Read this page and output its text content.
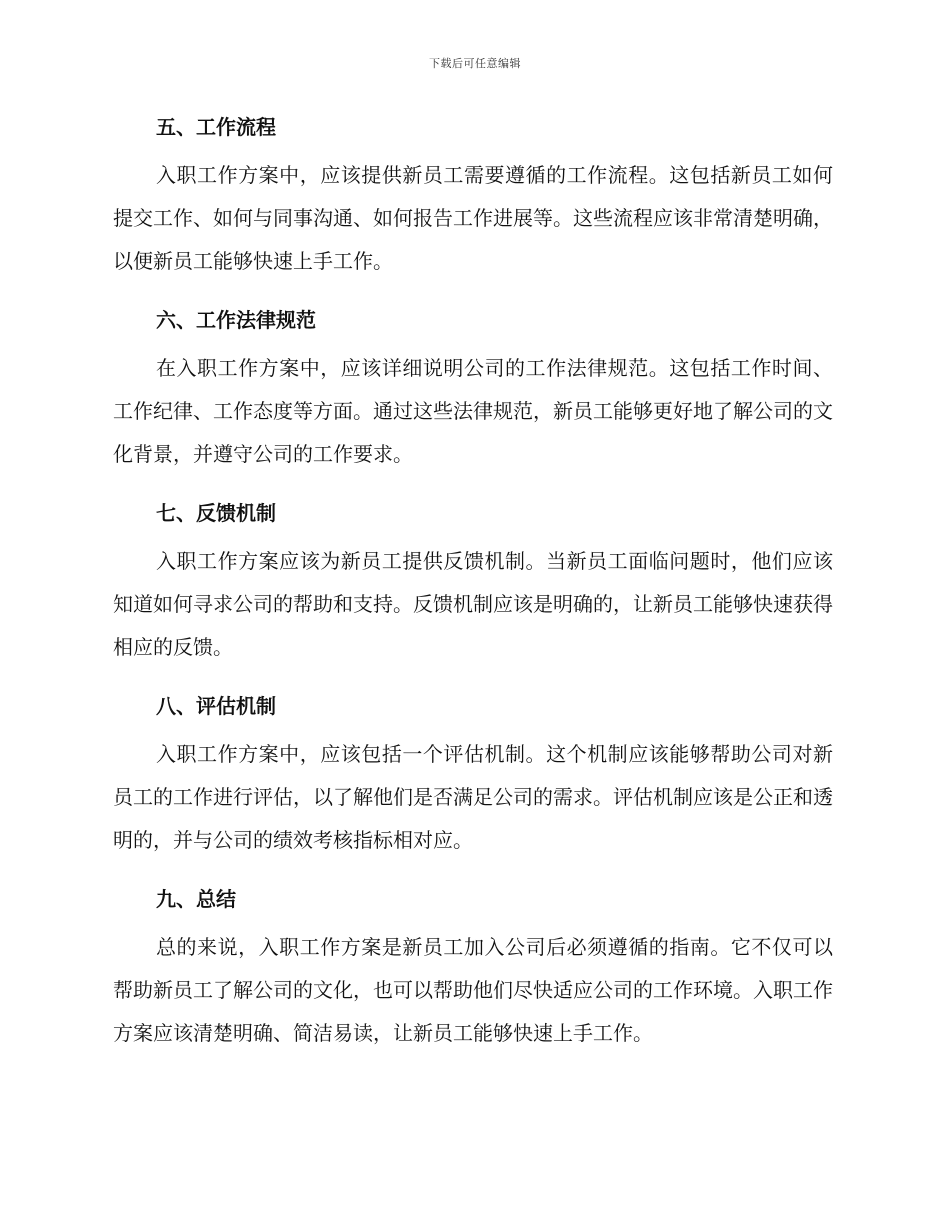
下载后可任意编辑
五、工作流程

入职工作方案中，应该提供新员工需要遵循的工作流程。这包括新员工如何提交工作、如何与同事沟通、如何报告工作进展等。这些流程应该非常清楚明确，以便新员工能够快速上手工作。

六、工作法律规范

在入职工作方案中，应该详细说明公司的工作法律规范。这包括工作时间、工作纪律、工作态度等方面。通过这些法律规范，新员工能够更好地了解公司的文化背景，并遵守公司的工作要求。

七、反馈机制

入职工作方案应该为新员工提供反馈机制。当新员工面临问题时，他们应该知道如何寻求公司的帮助和支持。反馈机制应该是明确的，让新员工能够快速获得相应的反馈。

八、评估机制

入职工作方案中，应该包括一个评估机制。这个机制应该能够帮助公司对新员工的工作进行评估，以了解他们是否满足公司的需求。评估机制应该是公正和透明的，并与公司的绩效考核指标相对应。

九、总结

总的来说，入职工作方案是新员工加入公司后必须遵循的指南。它不仅可以帮助新员工了解公司的文化，也可以帮助他们尽快适应公司的工作环境。入职工作方案应该清楚明确、简洁易读，让新员工能够快速上手工作。
